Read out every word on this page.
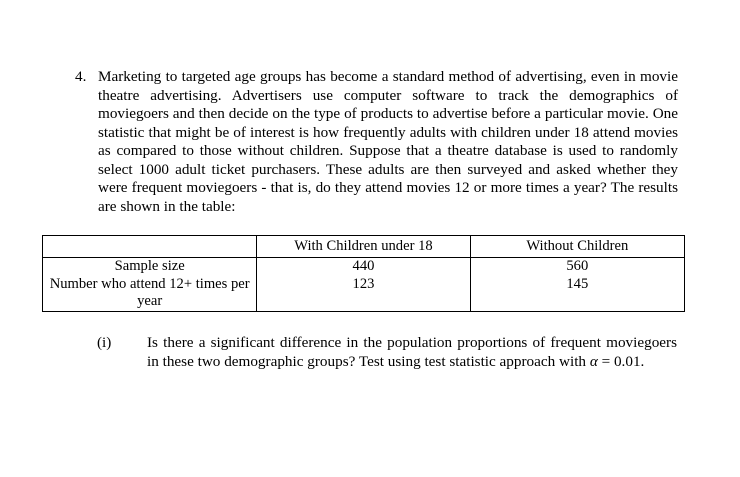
4. Marketing to targeted age groups has become a standard method of advertising, even in movie theatre advertising. Advertisers use computer software to track the demographics of moviegoers and then decide on the type of products to advertise before a particular movie. One statistic that might be of interest is how frequently adults with children under 18 attend movies as compared to those without children. Suppose that a theatre database is used to randomly select 1000 adult ticket purchasers. These adults are then surveyed and asked whether they were frequent moviegoers - that is, do they attend movies 12 or more times a year? The results are shown in the table:
	With Children under 18	Without Children
Sample size	440	560
Number who attend 12+ times per year	123	145
(i) Is there a significant difference in the population proportions of frequent moviegoers in these two demographic groups? Test using test statistic approach with α = 0.01.
